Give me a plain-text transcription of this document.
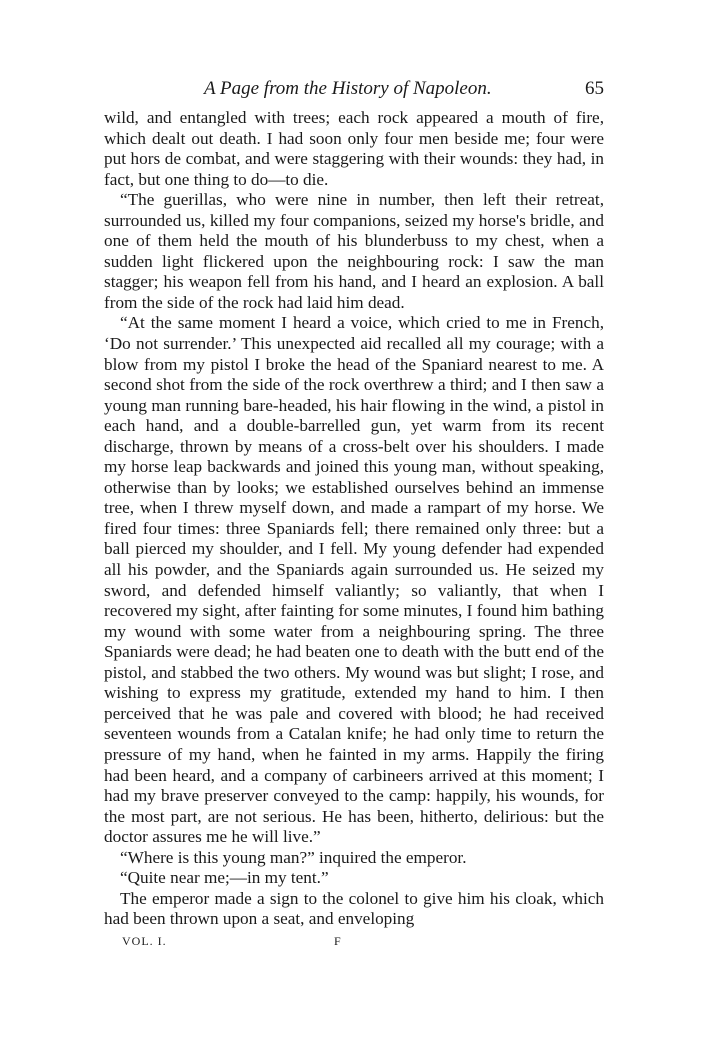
A Page from the History of Napoleon.	65

wild, and entangled with trees; each rock appeared a mouth of fire, which dealt out death. I had soon only four men beside me; four were put hors de combat, and were staggering with their wounds: they had, in fact, but one thing to do—to die.

“The guerillas, who were nine in number, then left their retreat, surrounded us, killed my four companions, seized my horse's bridle, and one of them held the mouth of his blunderbuss to my chest, when a sudden light flickered upon the neighbouring rock: I saw the man stagger; his weapon fell from his hand, and I heard an explosion. A ball from the side of the rock had laid him dead.

“At the same moment I heard a voice, which cried to me in French, ‘Do not surrender.’ This unexpected aid recalled all my courage; with a blow from my pistol I broke the head of the Spaniard nearest to me. A second shot from the side of the rock overthrew a third; and I then saw a young man running bare-headed, his hair flowing in the wind, a pistol in each hand, and a double-barrelled gun, yet warm from its recent discharge, thrown by means of a cross-belt over his shoulders. I made my horse leap backwards and joined this young man, without speaking, otherwise than by looks; we established ourselves behind an immense tree, when I threw myself down, and made a rampart of my horse. We fired four times: three Spaniards fell; there remained only three: but a ball pierced my shoulder, and I fell. My young defender had expended all his powder, and the Spaniards again surrounded us. He seized my sword, and defended himself valiantly; so valiantly, that when I recovered my sight, after fainting for some minutes, I found him bathing my wound with some water from a neighbouring spring. The three Spaniards were dead; he had beaten one to death with the butt end of the pistol, and stabbed the two others. My wound was but slight; I rose, and wishing to express my gratitude, extended my hand to him. I then perceived that he was pale and covered with blood; he had received seventeen wounds from a Catalan knife; he had only time to return the pressure of my hand, when he fainted in my arms. Happily the firing had been heard, and a company of carbineers arrived at this moment; I had my brave preserver conveyed to the camp: happily, his wounds, for the most part, are not serious. He has been, hitherto, delirious: but the doctor assures me he will live.”

“Where is this young man?” inquired the emperor.

“Quite near me;—in my tent.”

The emperor made a sign to the colonel to give him his cloak, which had been thrown upon a seat, and enveloping

VOL. I.	F
